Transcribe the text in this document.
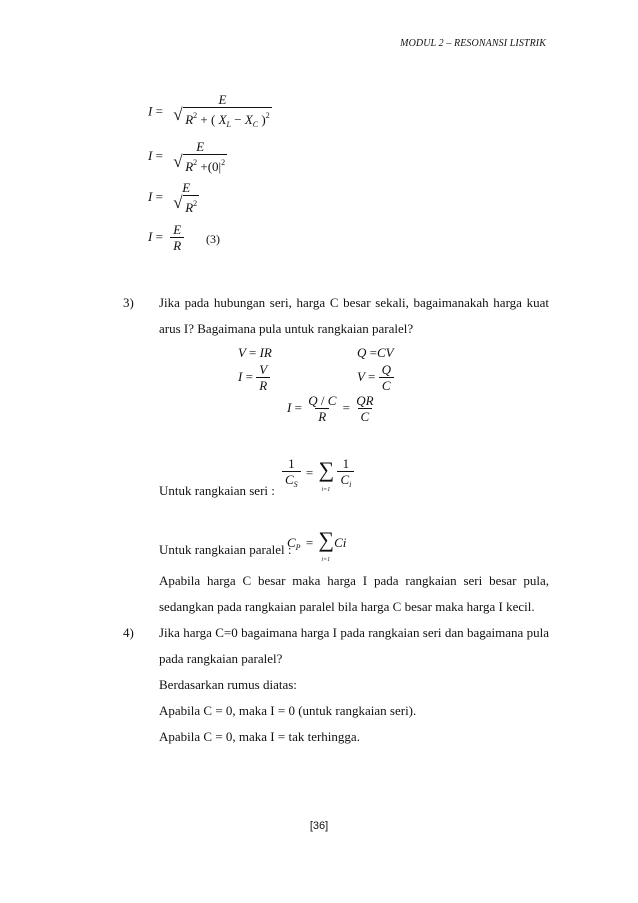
MODUL 2 – RESONANSI LISTRIK
I =
E
√ $R^2$ + ( $X_L - X_C$ )$^2$
I =
E
√ $R^2 +(0|^2$
I =
E
√ $R^2$
$I = \frac{E}{R} (3)$
3) Jika pada hubungan seri, harga C besar sekali, bagaimanakah harga kuat
arus I? Bagaimana pula untuk rangkaian paralel?
V = IR	Q =CV
$I = \frac{V}{R}$	$V = \frac{Q}{C}$
$I = \frac{Q / C}{R} = \frac{QR}{C}$
Untuk rangkaian seri : $\frac{1}{C_S}$ = ∑
i=1
$\frac{1}{C_i}$
Untuk rangkaian paralel :
$C_P$ = ∑
i=1
Ci
Apabila harga C besar maka harga I pada rangkaian seri besar pula,
sedangkan pada rangkaian paralel bila harga C besar maka harga I kecil.
4) Jika harga C=0 bagaimana harga I pada rangkaian seri dan bagaimana pula
pada rangkaian paralel?
Berdasarkan rumus diatas:
Apabila C = 0, maka I = 0 (untuk rangkaian seri).
Apabila C = 0, maka I = tak terhingga.
[36]
